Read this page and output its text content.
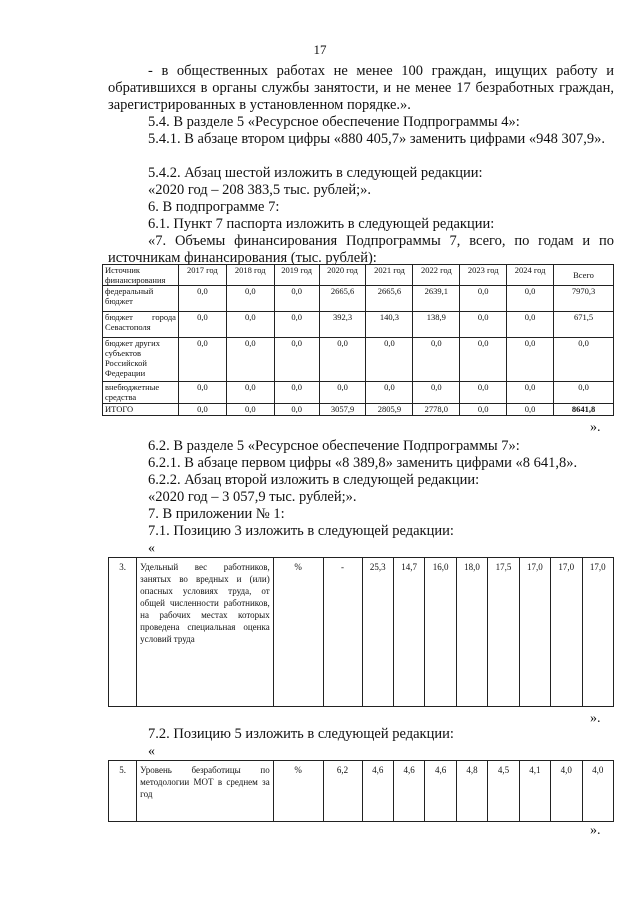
17

- в общественных работах не менее 100 граждан, ищущих работу и обратившихся в органы службы занятости, и не менее 17 безработных граждан, зарегистрированных в установленном порядке.».

5.4. В разделе 5 «Ресурсное обеспечение Подпрограммы 4»:

5.4.1. В абзаце втором цифры «880 405,7» заменить цифрами «948 307,9».

5.4.2. Абзац шестой изложить в следующей редакции:

«2020 год – 208 383,5 тыс. рублей;».

6. В подпрограмме 7:

6.1. Пункт 7 паспорта изложить в следующей редакции:

«7. Объемы финансирования Подпрограммы 7, всего, по годам и по источникам финансирования (тыс. рублей):

Источник финансирования	2017 год	2018 год	2019 год	2020 год	2021 год	2022 год	2023 год	2024 год	Всего
федеральный бюджет	0,0	0,0	0,0	2665,6	2665,6	2639,1	0,0	0,0	7970,3
бюджет города Севастополя	0,0	0,0	0,0	392,3	140,3	138,9	0,0	0,0	671,5
бюджет других субъектов Российской Федерации	0,0	0,0	0,0	0,0	0,0	0,0	0,0	0,0	0,0
внебюджетные средства	0,0	0,0	0,0	0,0	0,0	0,0	0,0	0,0	0,0
ИТОГО	0,0	0,0	0,0	3057,9	2805,9	2778,0	0,0	0,0	8641,8
».

6.2. В разделе 5 «Ресурсное обеспечение Подпрограммы 7»:

6.2.1. В абзаце первом цифры «8 389,8» заменить цифрами «8 641,8».

6.2.2. Абзац второй изложить в следующей редакции:

«2020 год – 3 057,9 тыс. рублей;».

7. В приложении № 1:

7.1. Позицию 3 изложить в следующей редакции:

«
3.	Удельный вес работников, занятых во вредных и (или) опасных условиях труда, от общей численности работников, на рабочих местах которых проведена специальная оценка условий труда	%	-	25,3	14,7	16,0	18,0	17,5	17,0	17,0	17,0
».

7.2. Позицию 5 изложить в следующей редакции:

«
5.	Уровень безработицы по методологии МОТ в среднем за год	%	6,2	4,6	4,6	4,6	4,8	4,5	4,1	4,0	4,0
».
